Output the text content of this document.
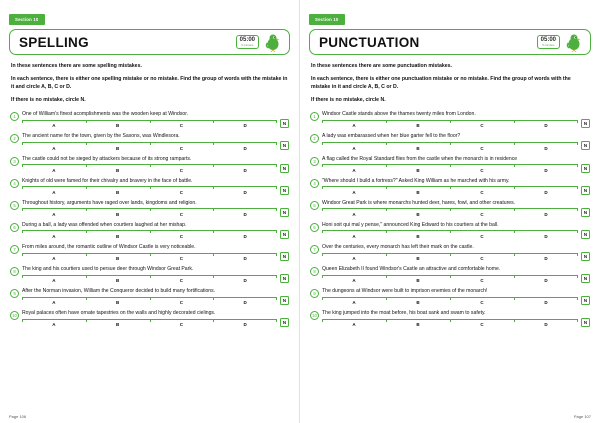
Section 10
SPELLING	05:00
5 minutes

In these sentences there are some spelling mistakes.

In each sentence, there is either one spelling mistake or no mistake. Find the group of words with the mistake in it and circle A, B, C or D.

If there is no mistake, circle N.

1	One of William's finest acomplishments was the wooden keep at Windsor.
A	B	C	D	N
2	The ancient name for the town, given by the Saxons, was Windlesora.
A	B	C	D	N
3	The castle could not be sieged by attackers because of its strong ramparts.
A	B	C	D	N
4	Knights of old were famed for their chivalry and bravery in the face of battle.
A	B	C	D	N
5	Throughout history, arguments have raged over lands, kingdoms and religion.
A	B	C	D	N
6	During a ball, a lady was offended when courtiers laughed at her mishap.
A	B	C	D	N
7	From miles around, the romantic outline of Windsor Castle is very noticeable.
A	B	C	D	N
8	The king and his courtiers used to persue deer through Windsor Great Park.
A	B	C	D	N
9	After the Norman invasion, William the Conqueror decided to build many fortifications.
A	B	C	D	N
10	Royal palaces often have ornate tapestries on the walls and highly decorated cielings.
A	B	C	D	N
Page 106
Section 10
PUNCTUATION	05:00
5 minutes

In these sentences there are some punctuation mistakes.

In each sentence, there is either one punctuation mistake or no mistake. Find the group of words with the mistake in it and circle A, B, C or D.

If there is no mistake, circle N.

1	Windsor Castle stands above the thames twenty miles from London.
A	B	C	D	N
2	A lady was embarassed when her blue garter fell to the floor?
A	B	C	D	N
3	A flag called the Royal Standard flies from the castle when the monarch is in residence
A	B	C	D	N
4	"Where should I build a fortress?" Asked King William as he marched with his army.
A	B	C	D	N
5	Windsor Great Park is where monarchs hunted deer, hares, fowl, and other creatures.
A	B	C	D	N
6	Honi soit qui mal y pense," announced King Edward to his courtiers at the ball.
A	B	C	D	N
7	Over the centuries, every monarch has left their mark on the castle.
A	B	C	D	N
8	Queen Elizabeth II found Windsor's Castle an attractive and comfortable home.
A	B	C	D	N
9	The dungeons at Windsor were built to imprison enemies of the monarch!
A	B	C	D	N
10	The king jumped into the moat before, his boat sank and swam to safety.
A	B	C	D	N
Page 107
